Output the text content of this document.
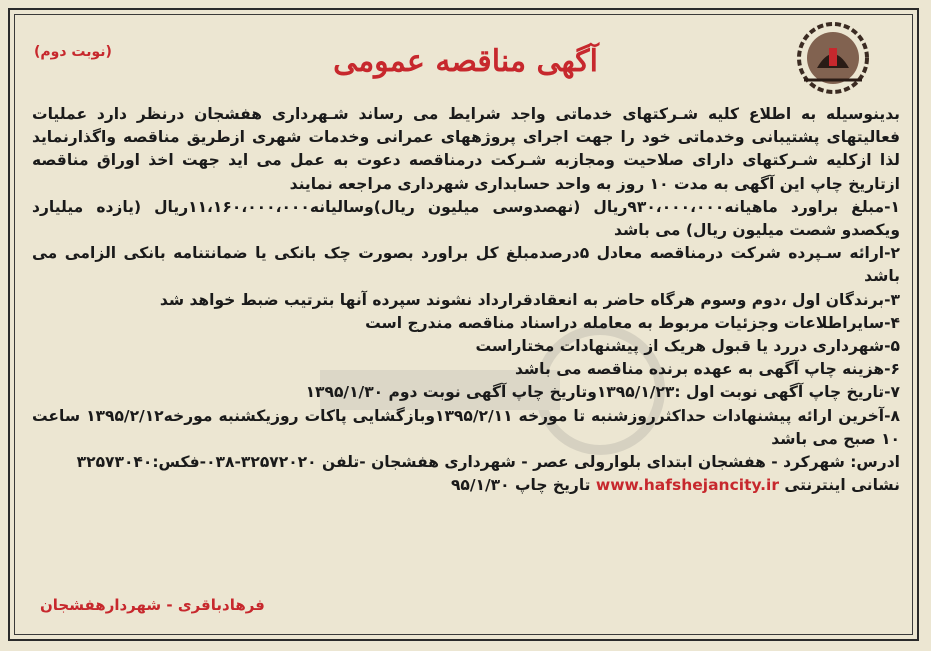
(نوبت دوم)	آگهی مناقصه عمومی

بدینوسیله به اطلاع کلیه شـرکتهای خدماتی واجد شرایط می رساند شـهرداری هفشجان درنظر دارد عملیات فعالیتهای پشتیبانی وخدماتی خود را جهت اجرای پروژههای عمرانی وخدمات شهری ازطریق مناقصه واگذارنماید لذا ازکلیه شـرکتهای دارای صلاحیت ومجازبه شـرکت درمناقصه دعوت به عمل می اید جهت اخذ اوراق مناقصه ازتاریخ چاپ این آگهی به مدت ۱۰ روز به واحد حسابداری شهرداری مراجعه نمایند

۱-مبلغ براورد ماهیانه۹۳۰،۰۰۰،۰۰۰ریال (نهصدوسی میلیون ریال)وسالیانه۱۱،۱۶۰،۰۰۰،۰۰۰ریال (یازده میلیارد ویکصدو شصت میلیون ریال) می باشد

۲-ارائه سـپرده شرکت درمناقصه معادل ۵درصدمبلغ کل براورد بصورت چک بانکی یا ضمانتنامه بانکی الزامی می باشد

۳-برندگان اول ،دوم وسوم هرگاه حاضر به انعقادقرارداد نشوند سپرده آنها بترتیب ضبط خواهد شد

۴-سایراطلاعات وجزئیات مربوط به معامله دراسناد مناقصه مندرج است

۵-شهرداری دررد یا قبول هریک از پیشنهادات مختاراست

۶-هزینه چاپ آگهی به عهده برنده مناقصه می باشد

۷-تاریخ چاپ آگهی نوبت اول :۱۳۹۵/۱/۲۳وتاریخ چاپ آگهی نوبت دوم ۱۳۹۵/۱/۳۰

۸-آخرین ارائه پیشنهادات حداکثرروزشنبه تا مورخه ۱۳۹۵/۲/۱۱وبازگشایی پاکات روزیکشنبه مورخه۱۳۹۵/۲/۱۲ ساعت ۱۰ صبح می باشد

ادرس: شهرکرد - هفشجان ابتدای بلوارولی عصر - شهرداری هفشجان -تلفن ۳۲۵۷۲۰۲۰-۰۳۸-فکس:۳۲۵۷۳۰۴۰

نشانی اینترنتی www.hafshejancity.ir تاریخ چاپ ۹۵/۱/۳۰

فرهادباقری - شهردارهفشجان
